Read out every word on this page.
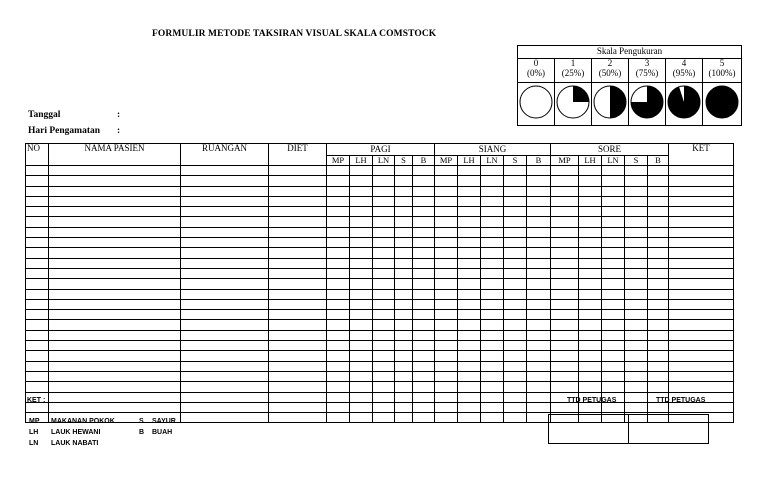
FORMULIR METODE TAKSIRAN VISUAL SKALA COMSTOCK
Tanggal	:
Hari Pengamatan :
Skala Pengukuran
0
(0%)
1
(25%)
2
(50%)
3
(75%)
4
(95%)
5
(100%)
NO	NAMA PASIEN	RUANGAN	DIET	PAGI					SIANG					SORE					KET
				MP	LH	LN	S	B	MP	LH	LN	S	B	MP	LH	LN	S	B	

KET :	TTD PETUGAS	TTD PETUGAS
MP MAKANAN POKOK	S SAYUR
LH LAUK HEWANI	B BUAH
LN LAUK NABATI
